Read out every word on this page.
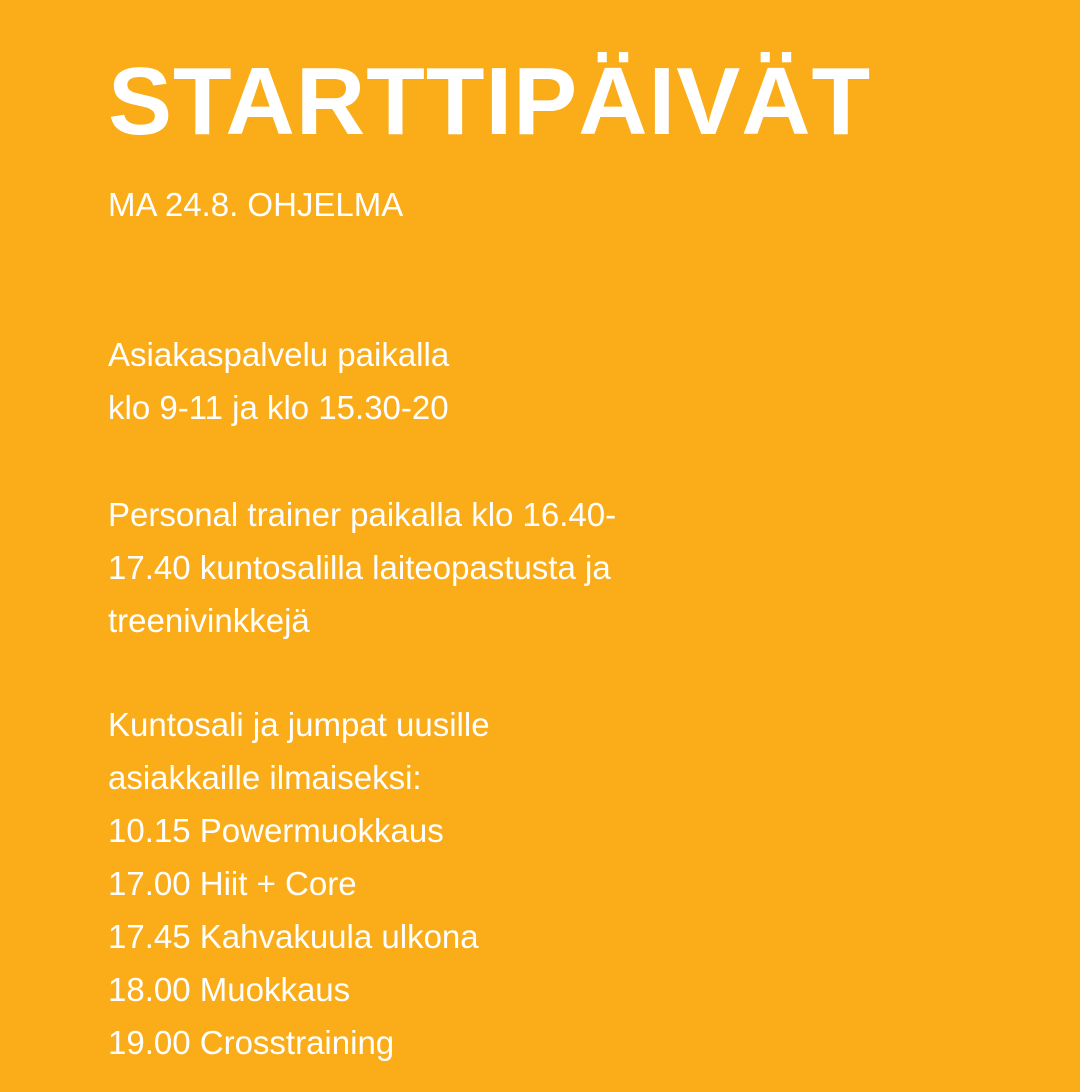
STARTTIPÄIVÄT

MA 24.8. OHJELMA

Asiakaspalvelu paikalla
klo 9-11 ja klo 15.30-20

Personal trainer paikalla klo 16.40-
17.40 kuntosalilla laiteopastusta ja
treenivinkkejä

Kuntosali ja jumpat uusille
asiakkaille ilmaiseksi:
10.15 Powermuokkaus
17.00 Hiit + Core
17.45 Kahvakuula ulkona
18.00 Muokkaus
19.00 Crosstraining
